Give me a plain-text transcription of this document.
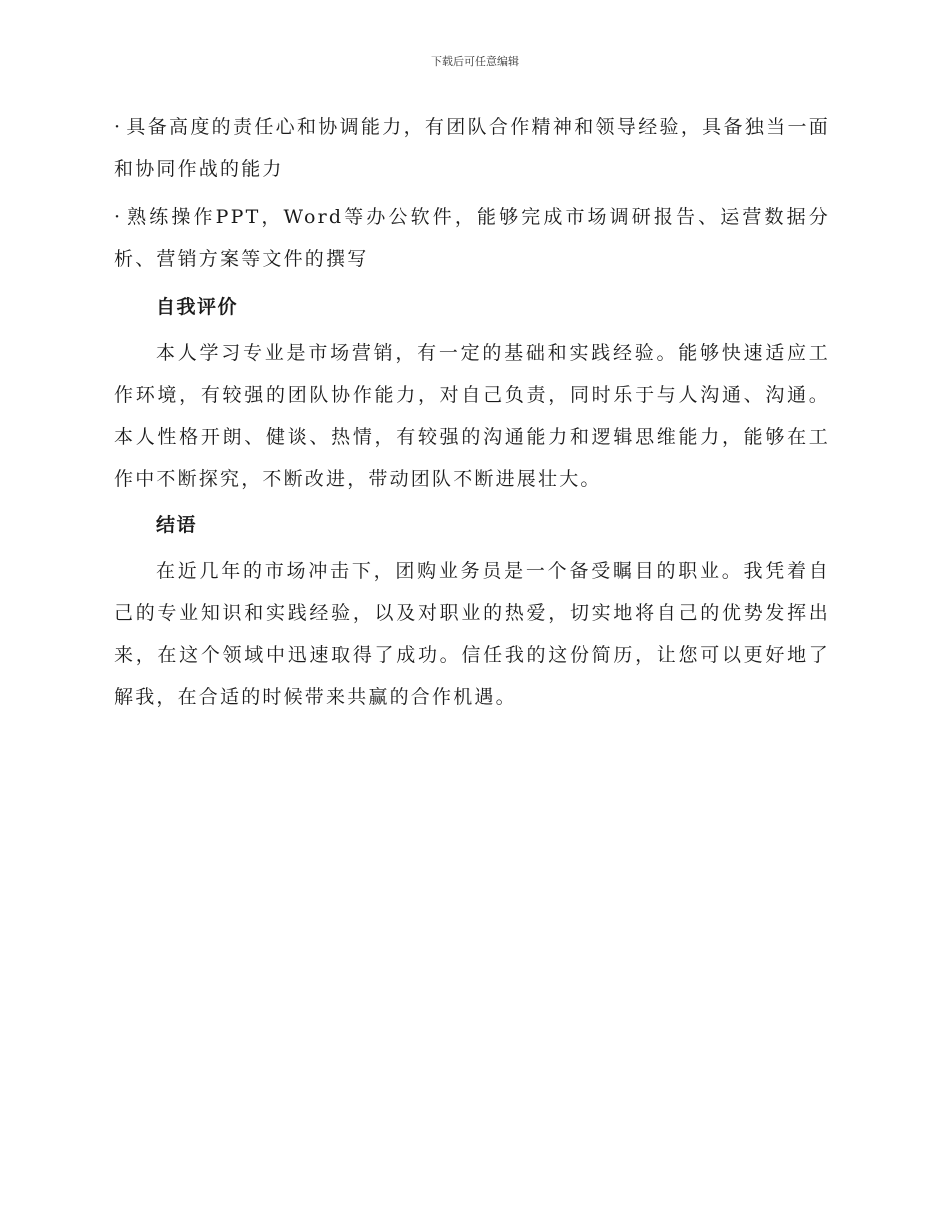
下载后可任意编辑

· 具备高度的责任心和协调能力，有团队合作精神和领导经验，具备独当一面和协同作战的能力

· 熟练操作PPT，Word等办公软件，能够完成市场调研报告、运营数据分析、营销方案等文件的撰写

自我评价

本人学习专业是市场营销，有一定的基础和实践经验。能够快速适应工作环境，有较强的团队协作能力，对自己负责，同时乐于与人沟通、沟通。本人性格开朗、健谈、热情，有较强的沟通能力和逻辑思维能力，能够在工作中不断探究，不断改进，带动团队不断进展壮大。

结语

在近几年的市场冲击下，团购业务员是一个备受瞩目的职业。我凭着自己的专业知识和实践经验，以及对职业的热爱，切实地将自己的优势发挥出来，在这个领域中迅速取得了成功。信任我的这份简历，让您可以更好地了解我，在合适的时候带来共赢的合作机遇。
